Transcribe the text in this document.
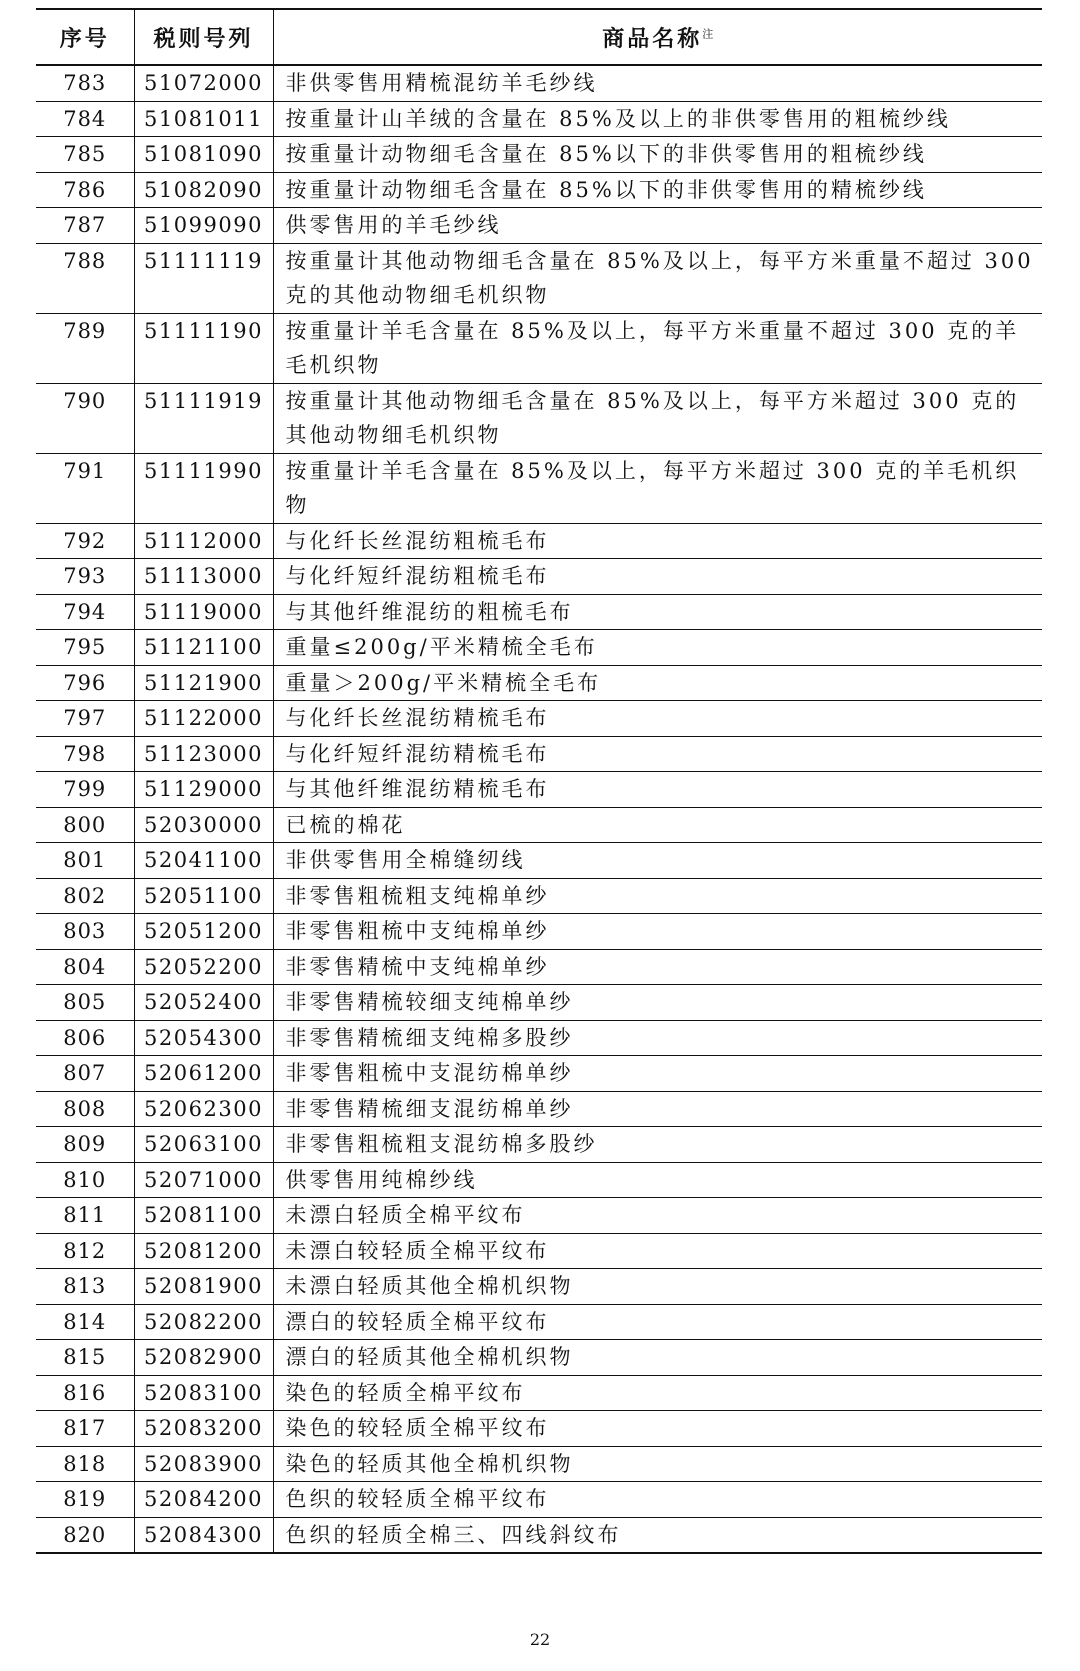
序号	税则号列	商品名称$^注$
783	51072000	非供零售用精梳混纺羊毛纱线
784	51081011	按重量计山羊绒的含量在 85%及以上的非供零售用的粗梳纱线
785	51081090	按重量计动物细毛含量在 85%以下的非供零售用的粗梳纱线
786	51082090	按重量计动物细毛含量在 85%以下的非供零售用的精梳纱线
787	51099090	供零售用的羊毛纱线
788	51111119	按重量计其他动物细毛含量在 85%及以上，每平方米重量不超过 300 克的其他动物细毛机织物
789	51111190	按重量计羊毛含量在 85%及以上，每平方米重量不超过 300 克的羊毛机织物
790	51111919	按重量计其他动物细毛含量在 85%及以上，每平方米超过 300 克的其他动物细毛机织物
791	51111990	按重量计羊毛含量在 85%及以上，每平方米超过 300 克的羊毛机织物
792	51112000	与化纤长丝混纺粗梳毛布
793	51113000	与化纤短纤混纺粗梳毛布
794	51119000	与其他纤维混纺的粗梳毛布
795	51121100	重量≤200g/平米精梳全毛布
796	51121900	重量＞200g/平米精梳全毛布
797	51122000	与化纤长丝混纺精梳毛布
798	51123000	与化纤短纤混纺精梳毛布
799	51129000	与其他纤维混纺精梳毛布
800	52030000	已梳的棉花
801	52041100	非供零售用全棉缝纫线
802	52051100	非零售粗梳粗支纯棉单纱
803	52051200	非零售粗梳中支纯棉单纱
804	52052200	非零售精梳中支纯棉单纱
805	52052400	非零售精梳较细支纯棉单纱
806	52054300	非零售精梳细支纯棉多股纱
807	52061200	非零售粗梳中支混纺棉单纱
808	52062300	非零售精梳细支混纺棉单纱
809	52063100	非零售粗梳粗支混纺棉多股纱
810	52071000	供零售用纯棉纱线
811	52081100	未漂白轻质全棉平纹布
812	52081200	未漂白较轻质全棉平纹布
813	52081900	未漂白轻质其他全棉机织物
814	52082200	漂白的较轻质全棉平纹布
815	52082900	漂白的轻质其他全棉机织物
816	52083100	染色的轻质全棉平纹布
817	52083200	染色的较轻质全棉平纹布
818	52083900	染色的轻质其他全棉机织物
819	52084200	色织的较轻质全棉平纹布
820	52084300	色织的轻质全棉三、四线斜纹布
22
